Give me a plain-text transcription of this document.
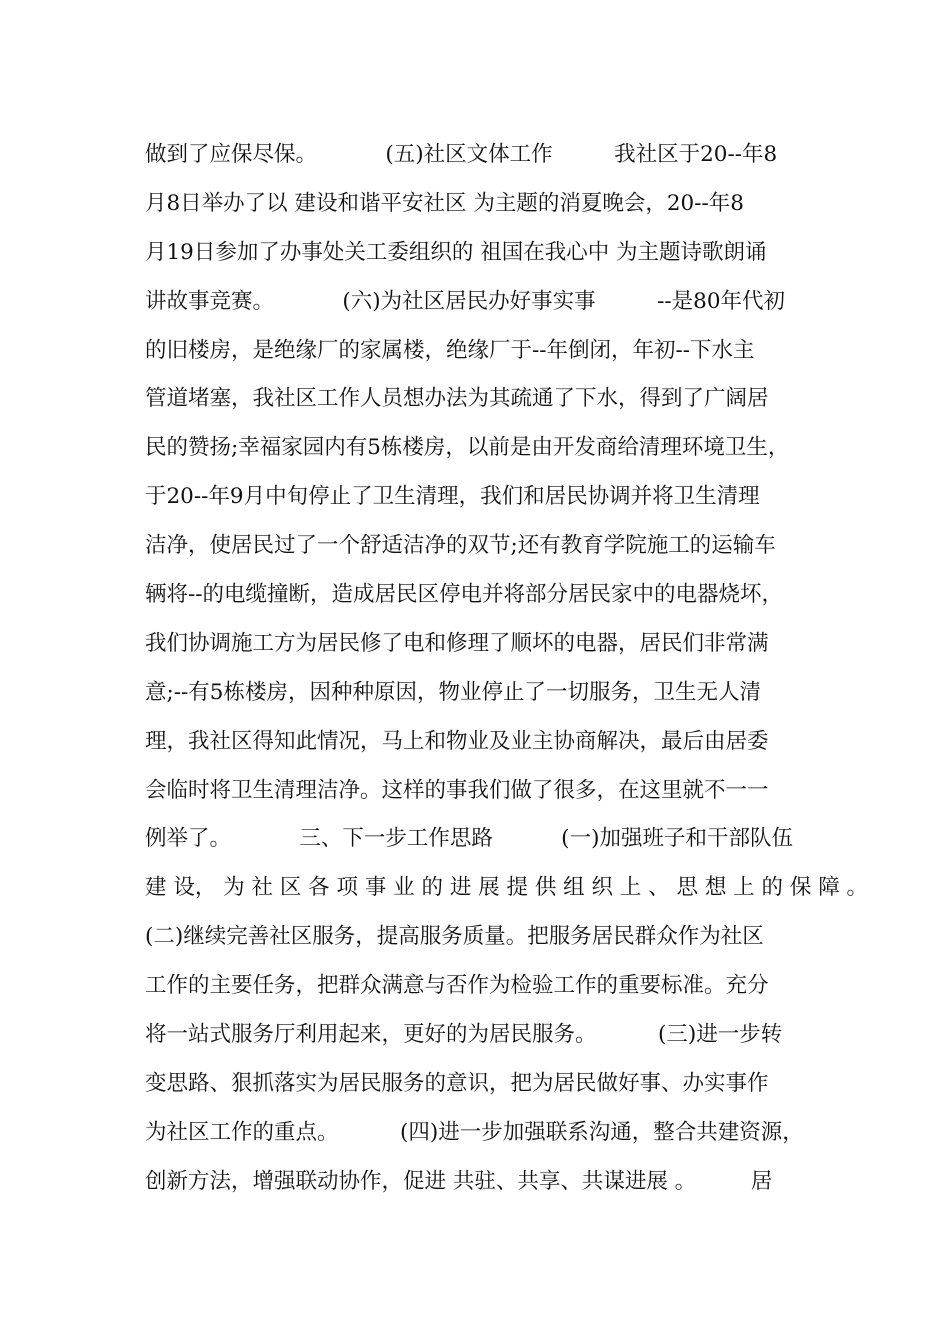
做到了应保尽保。          (五)社区文体工作         我社区于20--年8
月8日举办了以 建设和谐平安社区 为主题的消夏晚会，20--年8
月19日参加了办事处关工委组织的 祖国在我心中 为主题诗歌朗诵
讲故事竞赛。          (六)为社区居民办好事实事         --是80年代初
的旧楼房，是绝缘厂的家属楼，绝缘厂于--年倒闭，年初--下水主
管道堵塞，我社区工作人员想办法为其疏通了下水，得到了广阔居
民的赞扬;幸福家园内有5栋楼房，以前是由开发商给清理环境卫生，
于20--年9月中旬停止了卫生清理，我们和居民协调并将卫生清理
洁净，使居民过了一个舒适洁净的双节;还有教育学院施工的运输车
辆将--的电缆撞断，造成居民区停电并将部分居民家中的电器烧坏，
我们协调施工方为居民修了电和修理了顺坏的电器，居民们非常满
意;--有5栋楼房，因种种原因，物业停止了一切服务，卫生无人清
理，我社区得知此情况，马上和物业及业主协商解决，最后由居委
会临时将卫生清理洁净。这样的事我们做了很多，在这里就不一一
例举了。          三、下一步工作思路          (一)加强班子和干部队伍
建 设， 为 社 区 各 项 事 业 的 进 展 提 供 组 织 上 、 思 想 上 的 保 障 。
(二)继续完善社区服务，提高服务质量。把服务居民群众作为社区
工作的主要任务，把群众满意与否作为检验工作的重要标准。充分
将一站式服务厅利用起来，更好的为居民服务。         (三)进一步转
变思路、狠抓落实为居民服务的意识，把为居民做好事、办实事作
为社区工作的重点。         (四)进一步加强联系沟通，整合共建资源，
创新方法，增强联动协作，促进 共驻、共享、共谋进展 。        居
